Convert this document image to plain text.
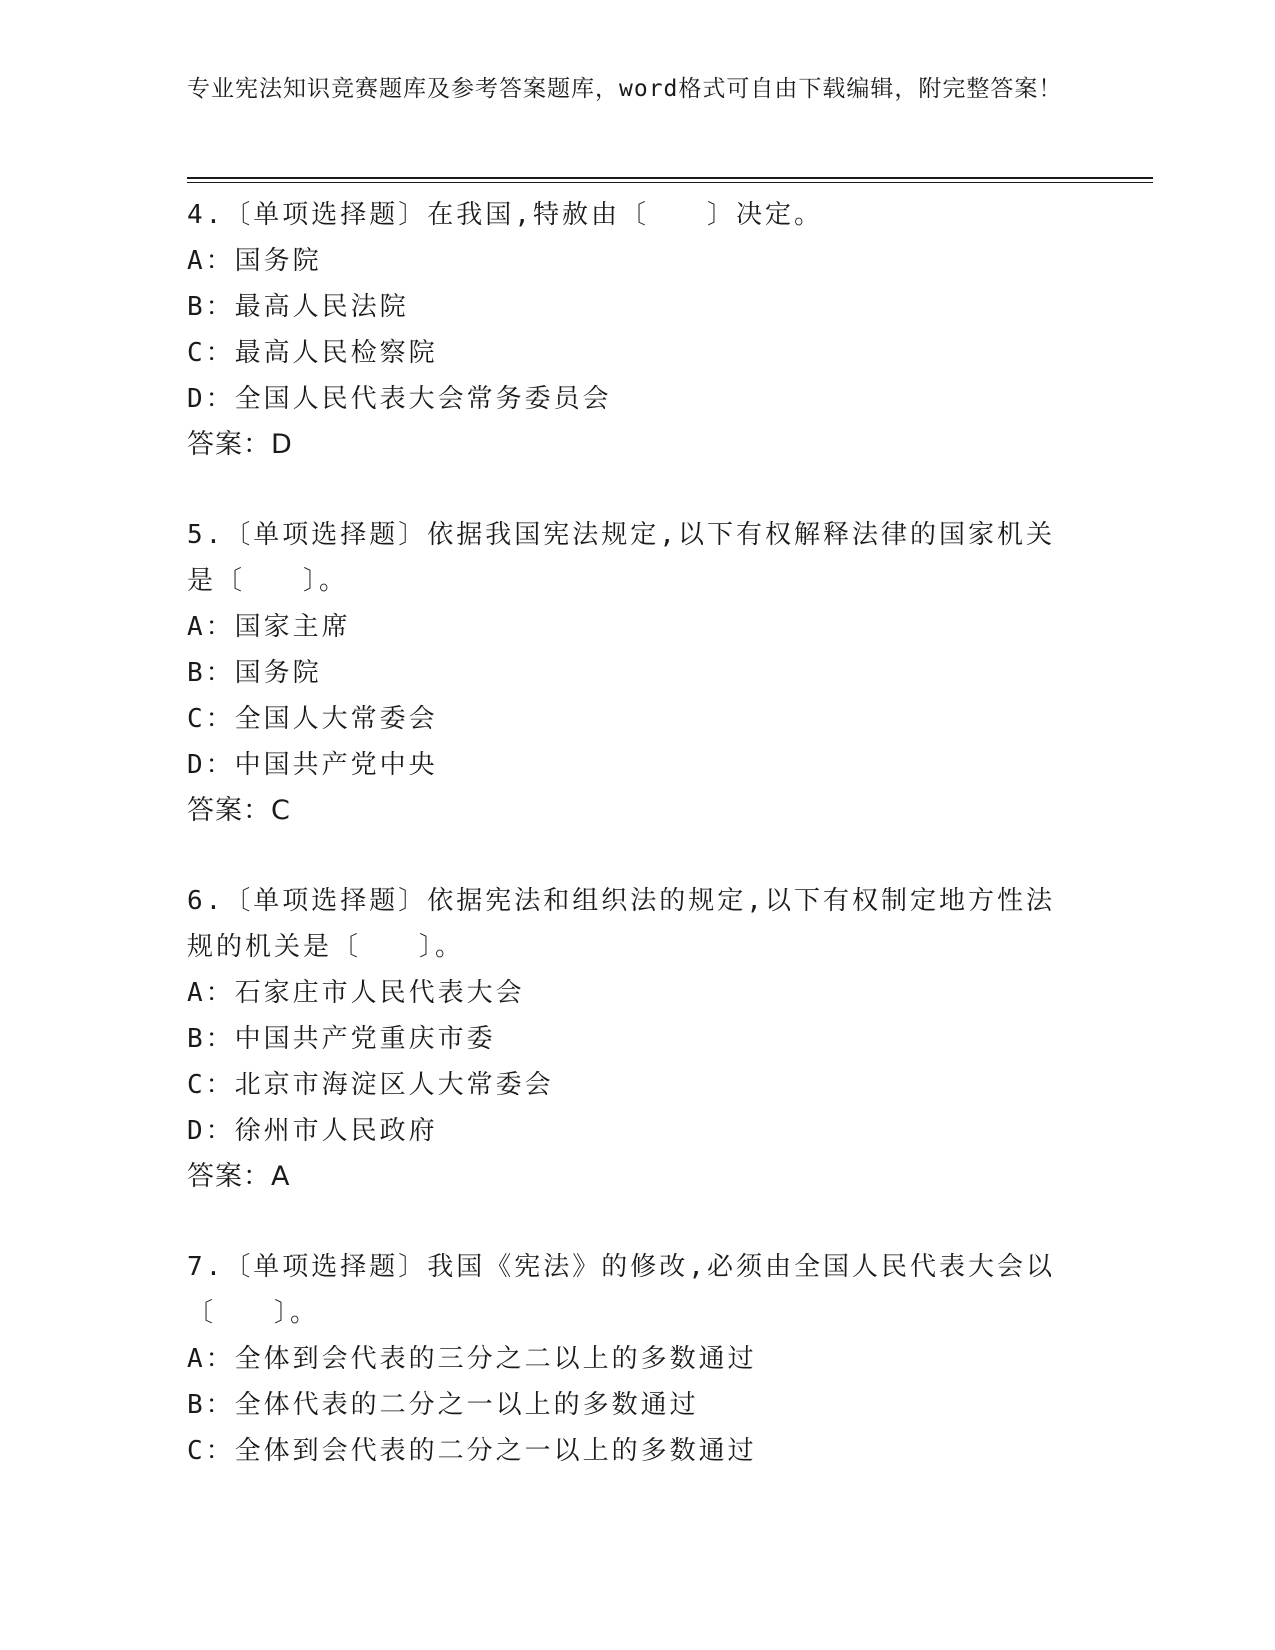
专业宪法知识竞赛题库及参考答案题库，word格式可自由下载编辑，附完整答案！
4.〔单项选择题〕在我国,特赦由〔　　〕决定。
A：国务院
B：最高人民法院
C：最高人民检察院
D：全国人民代表大会常务委员会
答案：D
5.〔单项选择题〕依据我国宪法规定,以下有权解释法律的国家机关是〔　　〕。
A：国家主席
B：国务院
C：全国人大常委会
D：中国共产党中央
答案：C
6.〔单项选择题〕依据宪法和组织法的规定,以下有权制定地方性法规的机关是〔　　〕。
A：石家庄市人民代表大会
B：中国共产党重庆市委
C：北京市海淀区人大常委会
D：徐州市人民政府
答案：A
7.〔单项选择题〕我国《宪法》的修改,必须由全国人民代表大会以〔　　〕。
A：全体到会代表的三分之二以上的多数通过
B：全体代表的二分之一以上的多数通过
C：全体到会代表的二分之一以上的多数通过
